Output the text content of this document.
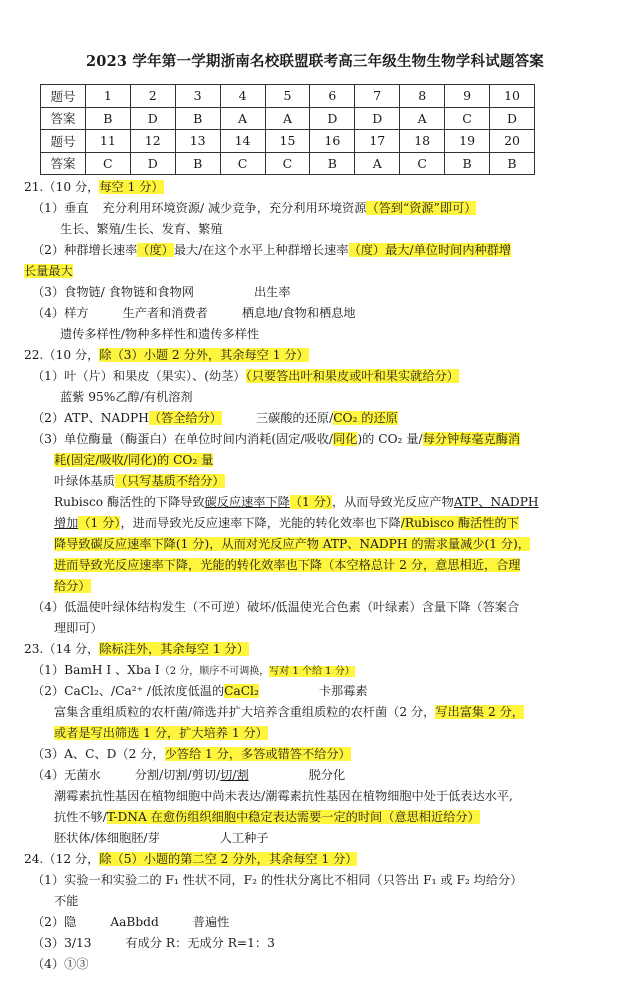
2023 学年第一学期浙南名校联盟联考高三年级生物生物学科试题答案
题号	1	2	3	4	5	6	7	8	9	10
答案	B	D	B	A	A	D	D	A	C	D
题号	11	12	13	14	15	16	17	18	19	20
答案	C	D	B	C	C	B	A	C	B	B
21.（10 分，每空 1 分）
（1）垂直 充分利用环境资源/ 减少竞争，充分利用环境资源（答到“资源”即可）
生长、繁殖/生长、发育、繁殖
（2）种群增长速率（度）最大/在这个水平上种群增长速率（度）最大/单位时间内种群增
长量最大
（3）食物链/ 食物链和食物网	出生率
（4）样方	生产者和消费者	栖息地/食物和栖息地
遗传多样性/物种多样性和遗传多样性
22.（10 分，除（3）小题 2 分外，其余每空 1 分）
（1）叶（片）和果皮（果实）、(幼茎）（只要答出叶和果皮或叶和果实就给分）
蓝紫 95%乙醇/有机溶剂
（2）ATP、NADPH（答全给分）	三碳酸的还原/CO₂ 的还原
（3）单位酶量（酶蛋白）在单位时间内消耗(固定/吸收/同化)的 CO₂ 量/每分钟每毫克酶消
耗(固定/吸收/同化)的 CO₂ 量
叶绿体基质（只写基质不给分）
Rubisco 酶活性的下降导致碳反应速率下降（1 分），从而导致光反应产物ATP、NADPH
增加（1 分），进而导致光反应速率下降，光能的转化效率也下降/Rubisco 酶活性的下
降导致碳反应速率下降(1 分)，从而对光反应产物 ATP、NADPH 的需求量减少(1 分)，
进而导致光反应速率下降，光能的转化效率也下降（本空格总计 2 分，意思相近，合理
给分）
（4）低温使叶绿体结构发生（不可逆）破坏/低温使光合色素（叶绿素）含量下降（答案合
理即可）
23.（14 分，除标注外，其余每空 1 分）
（1）BamH I 、Xba I（2 分，顺序不可调换，写对 1 个给 1 分）
（2）CaCl₂、/Ca²⁺ /低浓度低温的CaCl₂	卡那霉素
富集含重组质粒的农杆菌/筛选并扩大培养含重组质粒的农杆菌（2 分，写出富集 2 分，
或者是写出筛选 1 分，扩大培养 1 分）
（3）A、C、D（2 分，少答给 1 分，多答或错答不给分）
（4）无菌水	分割/切割/剪切/切/割	脱分化
潮霉素抗性基因在植物细胞中尚未表达/潮霉素抗性基因在植物细胞中处于低表达水平,
抗性不够/T-DNA 在愈伤组织细胞中稳定表达需要一定的时间（意思相近给分）
胚状体/体细胞胚/芽	人工种子
24.（12 分，除（5）小题的第二空 2 分外，其余每空 1 分）
（1）实验一和实验二的 F₁ 性状不同，F₂ 的性状分离比不相同（只答出 F₁ 或 F₂ 均给分）
不能
（2）隐	AaBbdd	普遍性
（3）3/13	有成分 R：无成分 R=1：3
（4）①③
